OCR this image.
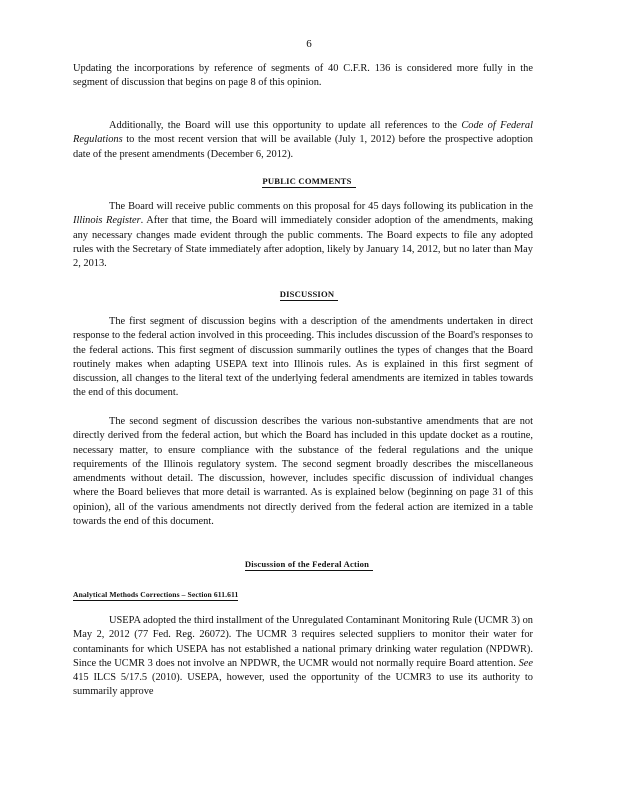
6

Updating the incorporations by reference of segments of 40 C.F.R. 136 is considered more fully in the segment of discussion that begins on page 8 of this opinion.

Additionally, the Board will use this opportunity to update all references to the Code of Federal Regulations to the most recent version that will be available (July 1, 2012) before the prospective adoption date of the present amendments (December 6, 2012).

PUBLIC COMMENTS

The Board will receive public comments on this proposal for 45 days following its publication in the Illinois Register. After that time, the Board will immediately consider adoption of the amendments, making any necessary changes made evident through the public comments. The Board expects to file any adopted rules with the Secretary of State immediately after adoption, likely by January 14, 2012, but no later than May 2, 2013.

DISCUSSION

The first segment of discussion begins with a description of the amendments undertaken in direct response to the federal action involved in this proceeding. This includes discussion of the Board's responses to the federal actions. This first segment of discussion summarily outlines the types of changes that the Board routinely makes when adapting USEPA text into Illinois rules. As is explained in this first segment of discussion, all changes to the literal text of the underlying federal amendments are itemized in tables towards the end of this document.

The second segment of discussion describes the various non-substantive amendments that are not directly derived from the federal action, but which the Board has included in this update docket as a routine, necessary matter, to ensure compliance with the substance of the federal regulations and the unique requirements of the Illinois regulatory system. The second segment broadly describes the miscellaneous amendments without detail. The discussion, however, includes specific discussion of individual changes where the Board believes that more detail is warranted. As is explained below (beginning on page 31 of this opinion), all of the various amendments not directly derived from the federal action are itemized in a table towards the end of this document.

Discussion of the Federal Action
Analytical Methods Corrections – Section 611.611

USEPA adopted the third installment of the Unregulated Contaminant Monitoring Rule (UCMR 3) on May 2, 2012 (77 Fed. Reg. 26072). The UCMR 3 requires selected suppliers to monitor their water for contaminants for which USEPA has not established a national primary drinking water regulation (NPDWR). Since the UCMR 3 does not involve an NPDWR, the UCMR would not normally require Board attention. See 415 ILCS 5/17.5 (2010). USEPA, however, used the opportunity of the UCMR3 to use its authority to summarily approve
